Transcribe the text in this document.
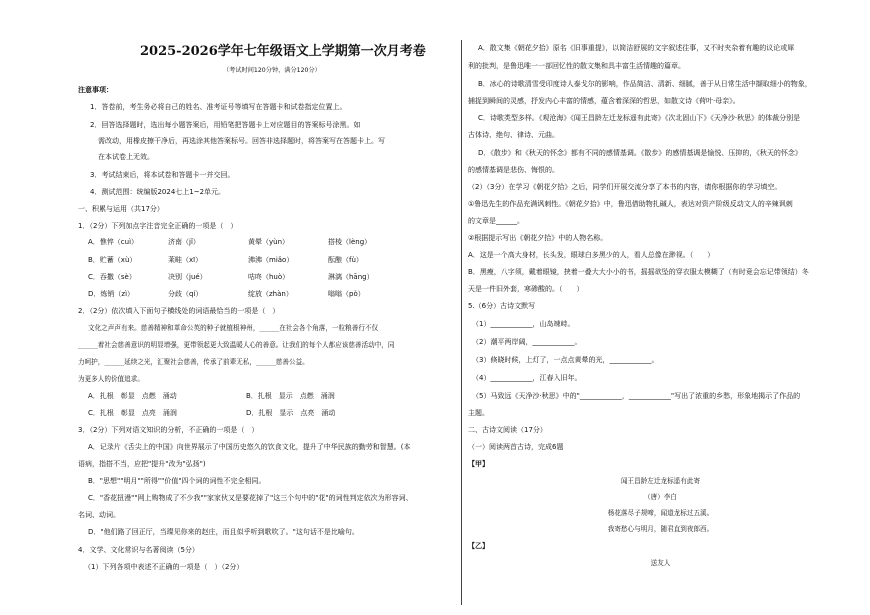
2025-2026学年七年级语文上学期第一次月考卷
（考试时间120分钟，满分120分）
注意事项：
1．答卷前，考生务必将自己的姓名、准考证号等填写在答题卡和试卷指定位置上。
2．回答选择题时，选出每小题答案后，用铅笔把答题卡上对应题目的答案标号涂黑。如
需改动，用橡皮擦干净后，再选涂其他答案标号。回答非选择题时，将答案写在答题卡上。写
在本试卷上无效。
3．考试结束后，将本试卷和答题卡一并交回。
4．测试范围：统编版2024七上1~2单元。
一、积累与运用（共17分）
1．（2分）下列加点字注音完全正确的一项是（　）
A．憔悴（cuì）	济南（jǐ）	黄晕（yùn）	搭棱（lèng）
B．贮蓄（xù）	莱畦（xī）	沸沸（miǎo）	酝酿（fù）
C．吞撒（sè）	决别（jué）	咕咚（huò）	淋漓（hāng）
D．炼销（zì）	分歧（qí）	绽放（zhàn）	嗡嗡（pò）
2．（2分）依次填入下面句子横线处的词语最恰当的一项是（　）
文化之声声有来。慈善精神和革命公英的种子就植根神州，______在社会各个角落，一粒粮善行不仅
______着社会慈善意识的明显增强，更带领起更大致温暖人心的善意。让我们的每个人都应该慈善活动中，同
力呵护，______延续之光，汇聚社会慈善，传承了前辈无私，______慈善公益。
为更多人的价值追求。
A．扎根　彰显　点燃　涌动	B．扎根　显示　点燃　涌润
C．扎根　彰显　点亮　涌润	D．扎根　显示　点亮　涌动
3．（2分）下列对语文知识的分析，不正确的一项是（　）
A．记录片《舌尖上的中国》向世界展示了中国历史悠久的饮食文化，提升了中华民族的勤劳和智慧。(本
语病，指搭不当，应把"提升"改为"弘扬")
B．"思想""明月""所得""价值"四个词的词性不完全相同。
C．"香花扭漫""网上购物成了不少我""家家伙又是要花掉了"这三个句中的"花"的词性判定依次为形容词、
名词、动词。
D．"他们路了回正厅，当璨见你来的赵庄，而且似乎听到歌吹了。"这句话不是比喻句。
4．文学、文化常识与名著阅读（5分）
（1）下列各项中表述不正确的一项是（　）（2分）
A．散文集《朝花夕拾》原名《旧事重提》，以简洁舒展的文字叙述往事，又不时夹杂着有趣的议论或犀
利的批判，是鲁迅唯一一部回忆性的散文集和具丰富生活情趣的篇章。
B．冰心的诗歌清雪受印度诗人泰戈尔的影响，作品简洁、清新、细腻，善于从日常生活中撷取细小的物象，
捕捉到瞬间的灵感，抒发内心丰富的情感，蕴含着深深的哲思，如散文诗《荷叶·母亲》。
C．诗歌类型多样。《观沧海》《闻王昌龄左迁龙标遥有此寄》《次北固山下》《天净沙·秋思》的体裁分别是
古体诗、绝句、律诗、元曲。
D．《散步》和《秋天的怀念》都有不同的感情基调。《散步》的感情基调是愉悦、压抑的，《秋天的怀念》
的感情基调是悲伤、悔恨的。
（2）（3分）在学习《朝花夕拾》之后，同学们开展交流分享了本书的内容，请你根据你的学习填空。
①鲁迅先生的作品充满讽刺性。《朝花夕拾》中，鲁迅借助物扎碱人，表达对资产阶级反动文人的辛辣讽刺
的文章是______。
②根据提示写出《朝花夕拾》中的人物名称。
A．这是一个高大身材，长头发，眼球白多黑少的人，看人总像在渺视。（　　）
B．黑瘦，八字须，戴着眼镜，挟着一叠大大小小的书，摇摇欲坠的穿衣服太模糊了（有时竟会忘记带领结）冬
天是一件旧外套，寒碜酸的。（　　）
5.（6分）古诗文默写
（1）____________，山岛竦峙。
（2）潮平两岸阔，____________。
（3）倏晓时候，上灯了，一点点黄晕的光，____________。
（4）____________，江春入旧年。
（5）马致远《天净沙·秋思》中的"____________，____________"写出了浓重的乡愁，形象地揭示了作品的
主题。
二、古诗文阅读（17分）
（一）阅读两首古诗，完成6题
【甲】
闻王昌龄左迁龙标遥有此寄
（唐）李白
杨花落尽子规啼，闻道龙标过五溪。
我寄愁心与明月，随君直到夜郎西。
【乙】
送友人
